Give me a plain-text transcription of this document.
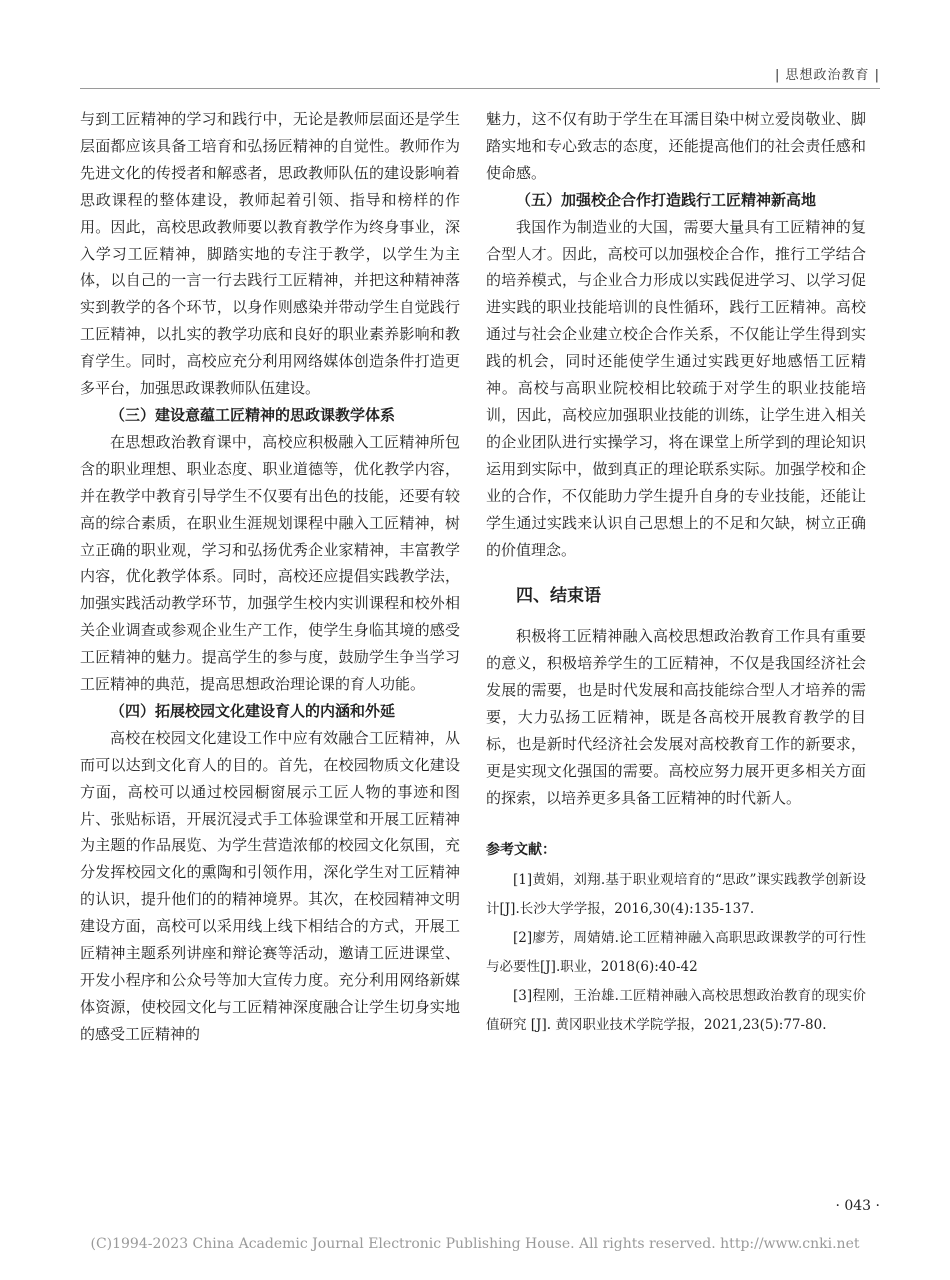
| 思想政治教育 |

与到工匠精神的学习和践行中，无论是教师层面还是学生层面都应该具备工培育和弘扬匠精神的自觉性。教师作为先进文化的传授者和解惑者，思政教师队伍的建设影响着思政课程的整体建设，教师起着引领、指导和榜样的作用。因此，高校思政教师要以教育教学作为终身事业，深入学习工匠精神，脚踏实地的专注于教学，以学生为主体，以自己的一言一行去践行工匠精神，并把这种精神落实到教学的各个环节，以身作则感染并带动学生自觉践行工匠精神，以扎实的教学功底和良好的职业素养影响和教育学生。同时，高校应充分利用网络媒体创造条件打造更多平台，加强思政课教师队伍建设。

（三）建设意蕴工匠精神的思政课教学体系

在思想政治教育课中，高校应积极融入工匠精神所包含的职业理想、职业态度、职业道德等，优化教学内容，并在教学中教育引导学生不仅要有出色的技能，还要有较高的综合素质，在职业生涯规划课程中融入工匠精神，树立正确的职业观，学习和弘扬优秀企业家精神，丰富教学内容，优化教学体系。同时，高校还应提倡实践教学法，加强实践活动教学环节，加强学生校内实训课程和校外相关企业调查或参观企业生产工作，使学生身临其境的感受工匠精神的魅力。提高学生的参与度，鼓励学生争当学习工匠精神的典范，提高思想政治理论课的育人功能。

（四）拓展校园文化建设育人的内涵和外延

高校在校园文化建设工作中应有效融合工匠精神，从而可以达到文化育人的目的。首先，在校园物质文化建设方面，高校可以通过校园橱窗展示工匠人物的事迹和图片、张贴标语，开展沉浸式手工体验课堂和开展工匠精神为主题的作品展览、为学生营造浓郁的校园文化氛围，充分发挥校园文化的熏陶和引领作用，深化学生对工匠精神的认识，提升他们的的精神境界。其次，在校园精神文明建设方面，高校可以采用线上线下相结合的方式，开展工匠精神主题系列讲座和辩论赛等活动，邀请工匠进课堂、开发小程序和公众号等加大宣传力度。充分利用网络新媒体资源，使校园文化与工匠精神深度融合让学生切身实地的感受工匠精神的

魅力，这不仅有助于学生在耳濡目染中树立爱岗敬业、脚踏实地和专心致志的态度，还能提高他们的社会责任感和使命感。

（五）加强校企合作打造践行工匠精神新高地

我国作为制造业的大国，需要大量具有工匠精神的复合型人才。因此，高校可以加强校企合作，推行工学结合的培养模式，与企业合力形成以实践促进学习、以学习促进实践的职业技能培训的良性循环，践行工匠精神。高校通过与社会企业建立校企合作关系，不仅能让学生得到实践的机会，同时还能使学生通过实践更好地感悟工匠精神。高校与高职业院校相比较疏于对学生的职业技能培训，因此，高校应加强职业技能的训练，让学生进入相关的企业团队进行实操学习，将在课堂上所学到的理论知识运用到实际中，做到真正的理论联系实际。加强学校和企业的合作，不仅能助力学生提升自身的专业技能，还能让学生通过实践来认识自己思想上的不足和欠缺，树立正确的价值理念。

四、结束语

积极将工匠精神融入高校思想政治教育工作具有重要的意义，积极培养学生的工匠精神，不仅是我国经济社会发展的需要，也是时代发展和高技能综合型人才培养的需要，大力弘扬工匠精神，既是各高校开展教育教学的目标，也是新时代经济社会发展对高校教育工作的新要求，更是实现文化强国的需要。高校应努力展开更多相关方面的探索，以培养更多具备工匠精神的时代新人。

参考文献：

[1]黄娟，刘翔.基于职业观培育的“思政”课实践教学创新设计[J].长沙大学学报，2016,30(4):135-137.

[2]廖芳，周婧婧.论工匠精神融入高职思政课教学的可行性与必要性[J].职业，2018(6):40-42

[3]程刚，王治雄.工匠精神融入高校思想政治教育的现实价值研究 [J]. 黄冈职业技术学院学报，2021,23(5):77-80.

· 043 ·
(C)1994-2023 China Academic Journal Electronic Publishing House. All rights reserved. http://www.cnki.net
